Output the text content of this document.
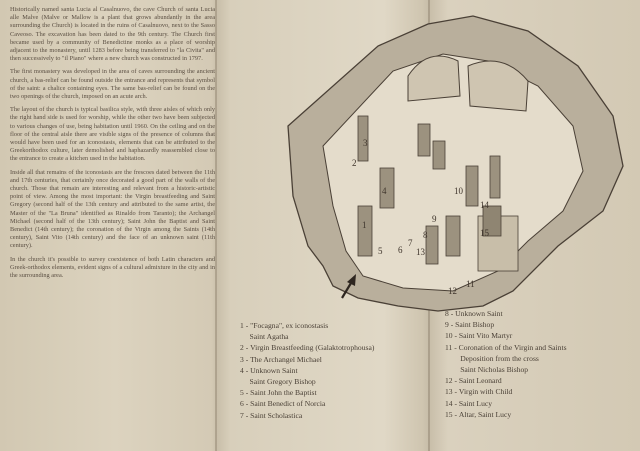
Historically named santa Lucia al Casalnuovo, the cave Church of santa Lucia alle Malve (Malve or Mallow is a plant that grows abundantly in the area surrounding the Church) is located in the ruins of Casalnuovo, next to the Sasso Caveoso. The excavation has been dated to the 9th century. The Church first became used by a community of Benedictine monks as a place of worship adjacent to the monastery, until 1283 before being transferred to "la Civita" and then successively to "il Piano" where a new church was constructed in 1797.

The first monastery was developed in the area of caves surrounding the ancient church, a bas-relief can be found outside the entrance and represents that symbol of the saint: a chalice containing eyes. The same bas-relief can be found on the two openings of the church, imposed on an acute arch.

The layout of the church is typical basilica style, with three aisles of which only the right hand side is used for worship, while the other two have been subjected to various changes of use, being habitation until 1960. On the ceiling and on the floor of the central aisle there are visible signs of the presence of columns that would have been used for an iconostasis, elements that can be attributed to the Greekorthodox culture, later demolished and haphazardly reassembled close to the entrance to create a kitchen used in the habitation.

Inside all that remains of the iconostasis are the frescoes dated between the 11th and 17th centuries, that certainly once decorated a good part of the walls of the church. Those that remain are interesting and relevant from a historic-artistic point of view. Among the most important: the Virgin breastfeeding and Saint Gregory (second half of the 13th century and attributed to the same artist, the Master of the "La Bruna" identified as Rinaldo from Taranto); the Archangel Michael (second half of the 13th century); Saint John the Baptist and Saint Benedict (14th century); the coronation of the Virgin among the Saints (14th century), Saint Vito (14th century) and the face of an unknown saint (11th century).

In the church it's possible to survey coexistence of both Latin characters and Greek-orthodox elements, evident signs of a cultural admixture in the city and in the surrounding area.

1
2
3
4
5 6
7
8
9
10
11
12
13
14
15
1 - "Focagna", ex iconostasis
Saint Agatha
2 - Virgin Breastfeeding (Galaktotrophousa)
3 - The Archangel Michael
4 - Unknown Saint
Saint Gregory Bishop
5 - Saint John the Baptist
6 - Saint Benedict of Norcia
7 - Saint Scholastica
8 - Unknown Saint
9 - Saint Bishop
10 - Saint Vito Martyr
11 - Coronation of the Virgin and Saints
Deposition from the cross
Saint Nicholas Bishop
12 - Saint Leonard
13 - Virgin with Child
14 - Saint Lucy
15 - Altar, Saint Lucy
